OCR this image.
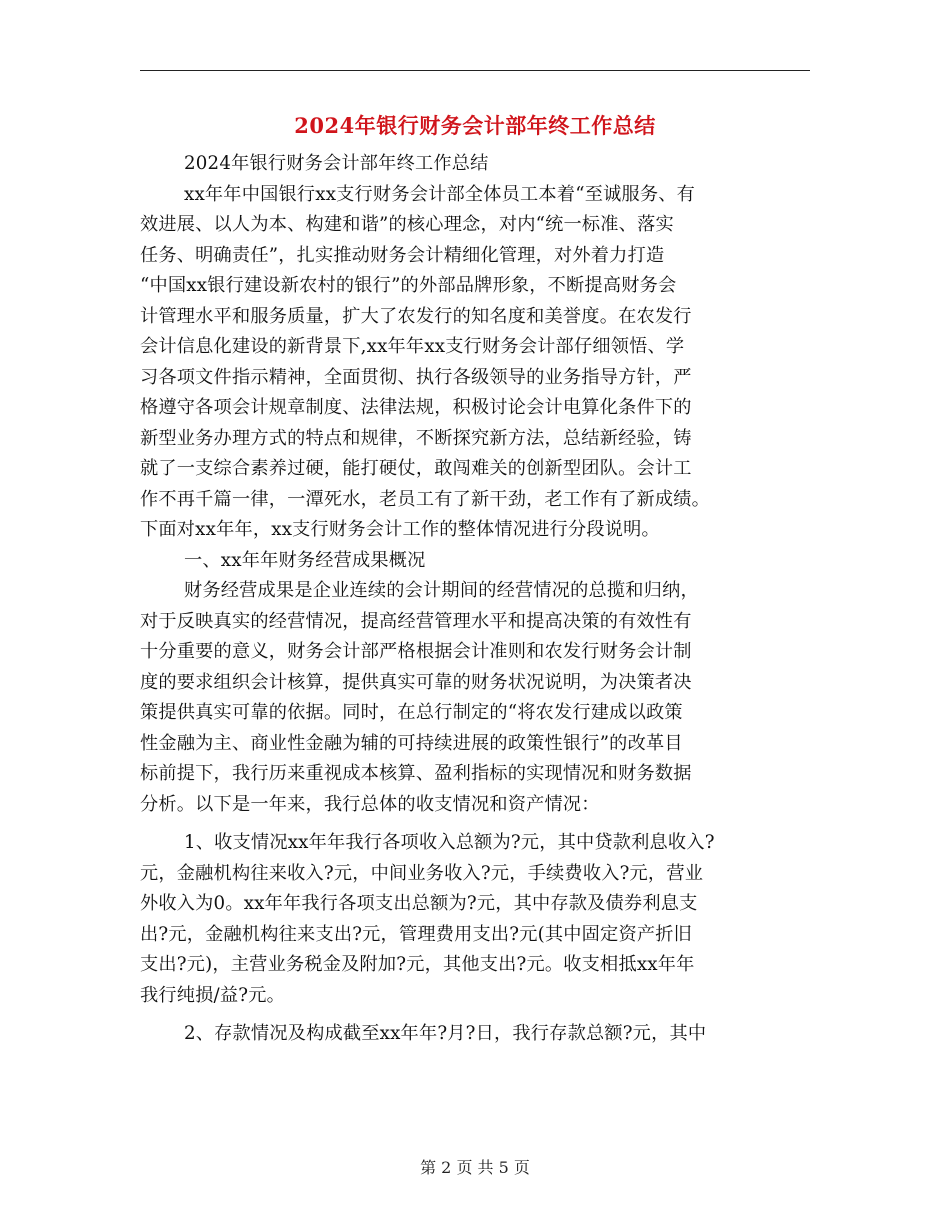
2024年银行财务会计部年终工作总结
2024年银行财务会计部年终工作总结
xx年年中国银行xx支行财务会计部全体员工本着“至诚服务、有
效进展、以人为本、构建和谐”的核心理念，对内“统一标准、落实
任务、明确责任”，扎实推动财务会计精细化管理，对外着力打造
“中国xx银行建设新农村的银行”的外部品牌形象，不断提高财务会
计管理水平和服务质量，扩大了农发行的知名度和美誉度。在农发行
会计信息化建设的新背景下,xx年年xx支行财务会计部仔细领悟、学
习各项文件指示精神，全面贯彻、执行各级领导的业务指导方针，严
格遵守各项会计规章制度、法律法规，积极讨论会计电算化条件下的
新型业务办理方式的特点和规律，不断探究新方法，总结新经验，铸
就了一支综合素养过硬，能打硬仗，敢闯难关的创新型团队。会计工
作不再千篇一律，一潭死水，老员工有了新干劲，老工作有了新成绩。
下面对xx年年，xx支行财务会计工作的整体情况进行分段说明。
一、xx年年财务经营成果概况
财务经营成果是企业连续的会计期间的经营情况的总揽和归纳，
对于反映真实的经营情况，提高经营管理水平和提高决策的有效性有
十分重要的意义，财务会计部严格根据会计准则和农发行财务会计制
度的要求组织会计核算，提供真实可靠的财务状况说明，为决策者决
策提供真实可靠的依据。同时，在总行制定的“将农发行建成以政策
性金融为主、商业性金融为辅的可持续进展的政策性银行”的改革目
标前提下，我行历来重视成本核算、盈利指标的实现情况和财务数据
分析。以下是一年来，我行总体的收支情况和资产情况：
1、收支情况xx年年我行各项收入总额为?元，其中贷款利息收入?
元，金融机构往来收入?元，中间业务收入?元，手续费收入?元，营业
外收入为0。xx年年我行各项支出总额为?元，其中存款及债券利息支
出?元，金融机构往来支出?元，管理费用支出?元(其中固定资产折旧
支出?元)，主营业务税金及附加?元，其他支出?元。收支相抵xx年年
我行纯损/益?元。
2、存款情况及构成截至xx年年?月?日，我行存款总额?元，其中
第 2 页 共 5 页
